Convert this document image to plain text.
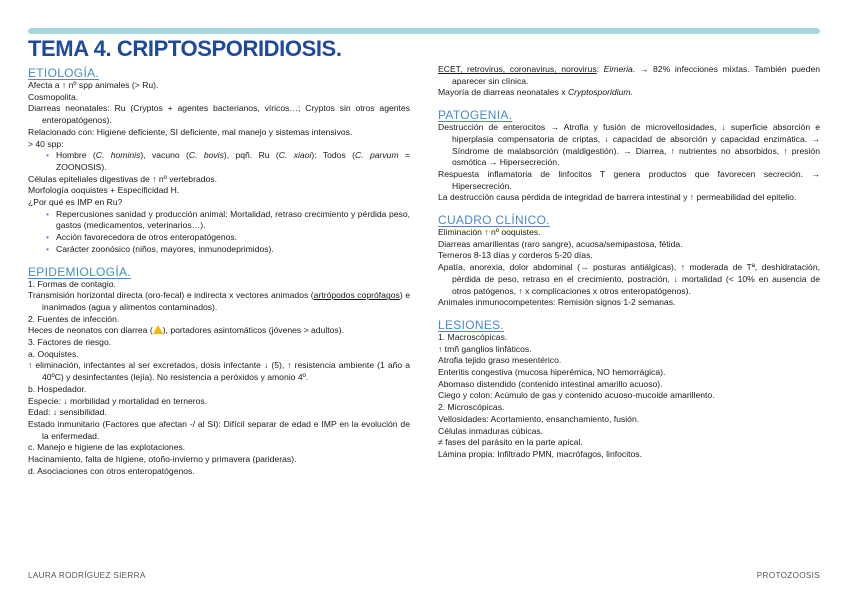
TEMA 4. CRIPTOSPORIDIOSIS.
ETIOLOGÍA.

Afecta a ↑ nº spp animales (> Ru).

Cosmopolita.

Diarreas neonatales: Ru (Cryptos + agentes bacterianos, víricos…; Cryptos sin otros agentes enteropatógenos).

Relacionado con: Higiene deficiente, SI deficiente, mal manejo y sistemas intensivos.

> 40 spp:

• Hombre (C. hominis), vacuno (C. bovis), pqñ. Ru (C. xiaoi): Todos (C. parvum = ZOONOSIS).

Células epiteliales digestivas de ↑ nº vertebrados.

Morfología ooquistes + Especificidad H.

¿Por qué es IMP en Ru?

• Repercusiones sanidad y producción animal: Mortalidad, retraso crecimiento y pérdida peso, gastos (medicamentos, veterinarios…).
• Acción favorecedora de otros enteropatógenos.
• Carácter zoonósico (niños, mayores, inmunodeprimidos).
EPIDEMIOLOGÍA.

1. Formas de contagio.

Transmisión horizontal directa (oro-fecal) e indirecta x vectores animados (artrópodos coprófagos) e inanimados (agua y alimentos contaminados).

2. Fuentes de infección.

Heces de neonatos con diarrea ( ), portadores asintomáticos (jóvenes > adultos).

3. Factores de riesgo.

a. Ooquistes.

↑ eliminación, infectantes al ser excretados, dosis infectante ↓ (5), ↑ resistencia ambiente (1 año a 40ºC) y desinfectantes (lejía). No resistencia a peróxidos y amonio 4º.

b. Hospedador.

Especie: ↓ morbilidad y mortalidad en terneros.

Edad: ↓ sensibilidad.

Estado inmunitario (Factores que afectan -/ al SI): Difícil separar de edad e IMP en la evolución de la enfermedad.

c. Manejo e higiene de las explotaciones.

Hacinamiento, falta de higiene, otoño-invierno y primavera (parideras).

d. Asociaciones con otros enteropatógenos.

ECET, retrovirus, coronavirus, norovirus: Eimeria. → 82% infecciones mixtas. También pueden aparecer sin clínica.

Mayoría de diarreas neonatales x Cryptosporidium.

PATOGENIA.

Destrucción de enterocitos → Atrofia y fusión de microvellosidades, ↓ superficie absorción e hiperplasia compensatoria de criptas, ↓ capacidad de absorción y capacidad enzimática. → Síndrome de malabsorción (maldigestión). → Diarrea, ↑ nutrientes no absorbidos, ↑ presión osmótica → Hipersecreción.

Respuesta inflamatoria de linfocitos T genera productos que favorecen secreción. → Hipersecreción.

La destrucción causa pérdida de integridad de barrera intestinal y ↑ permeabilidad del epitelio.

CUADRO CLÍNICO.

Eliminación ↑ nº ooquistes.

Diarreas amarillentas (raro sangre), acuosa/semipastosa, fétida.

Terneros 8-13 días y corderos 5-20 días.

Apatía, anorexia, dolor abdominal (→ posturas antiálgicas), ↑ moderada de Tª, deshidratación, pérdida de peso, retraso en el crecimiento, postración, ↓ mortalidad (< 10% en ausencia de otros patógenos, ↑ x complicaciones x otros enteropatógenos).

Animales inmunocompetentes: Remisión signos 1-2 semanas.

LESIONES.

1. Macroscópicas.

↑ tmñ ganglios linfáticos.

Atrofia tejido graso mesentérico.

Enteritis congestiva (mucosa hiperémica, NO hemorrágica).

Abomaso distendido (contenido intestinal amarillo acuoso).

Ciego y colon: Acúmulo de gas y contenido acuoso-mucoide amarillento.

2. Microscópicas.

Vellosidades: Acortamiento, ensanchamiento, fusión.

Células inmaduras cúbicas.

≠ fases del parásito en la parte apical.

Lámina propia: Infiltrado PMN, macrófagos, linfocitos.

LAURA RODRÍGUEZ SIERRA	PROTOZOOSIS
